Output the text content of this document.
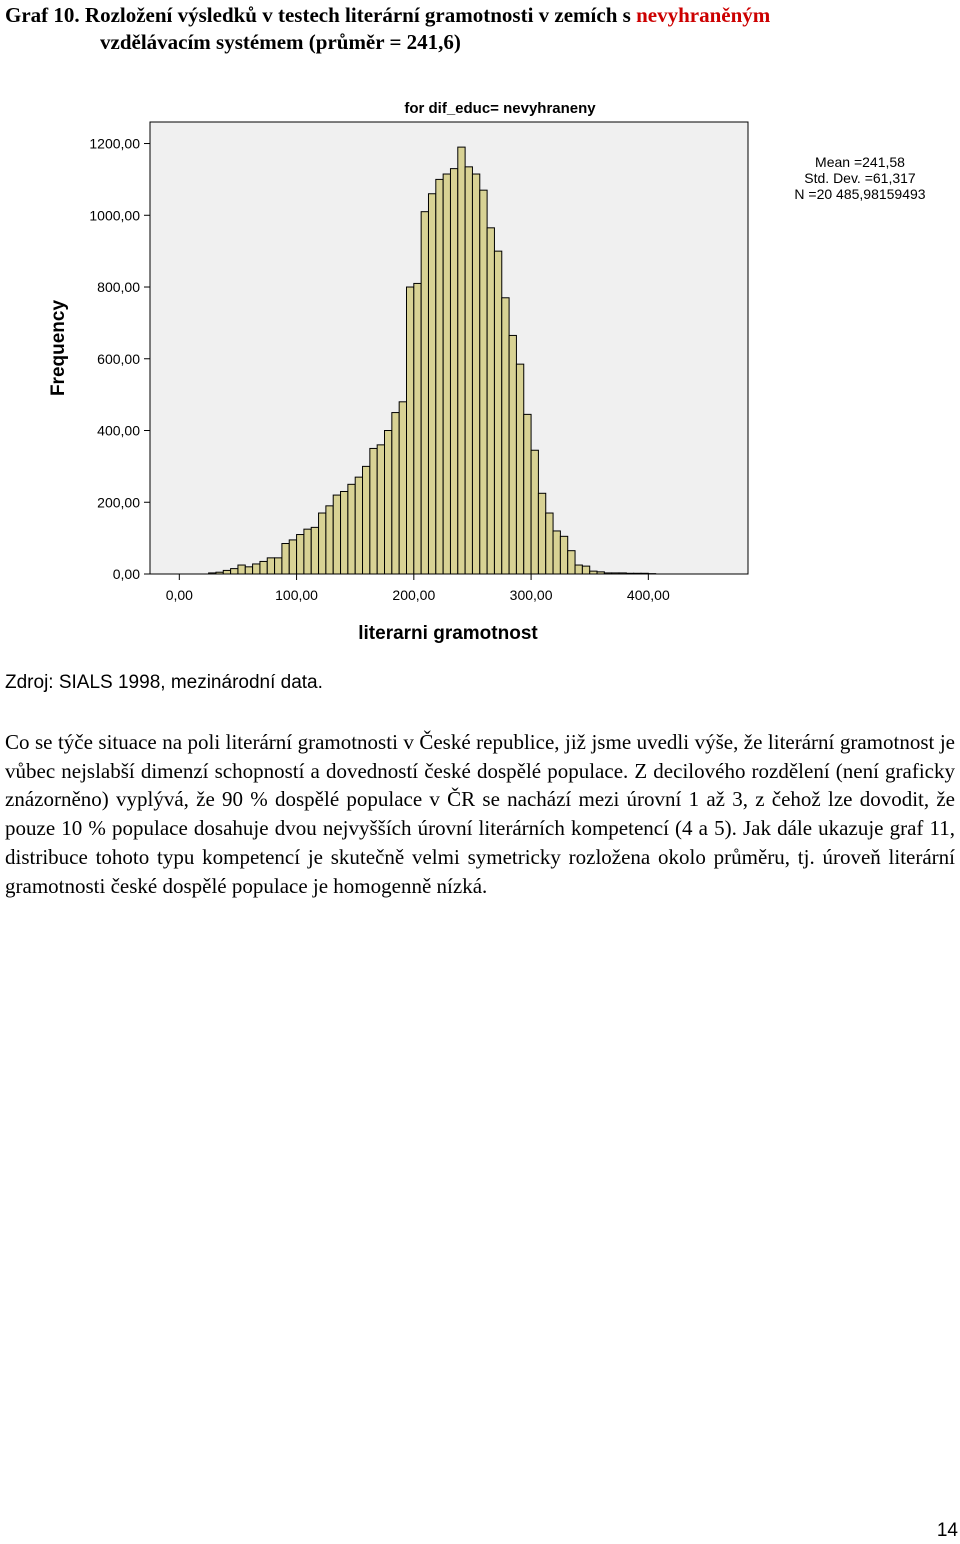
Graf 10. Rozložení výsledků v testech literární gramotnosti v zemích s nevyhraněným
vzdělávacím systémem (průměr = 241,6)
for dif_educ= nevyhraneny
0,00	100,00	200,00	300,00	400,00
0,00
200,00
400,00
600,00
800,00
1000,00
1200,00
Frequency
literarni gramotnost
Mean =241,58
Std. Dev. =61,317
N =20 485,98159493
Zdroj: SIALS 1998, mezinárodní data.

Co se týče situace na poli literární gramotnosti v České republice, již jsme uvedli výše, že literární gramotnost je vůbec nejslabší dimenzí schopností a dovedností české dospělé populace. Z decilového rozdělení (není graficky znázorněno) vyplývá, že 90 % dospělé populace v ČR se nachází mezi úrovní 1 až 3, z čehož lze dovodit, že pouze 10 % populace dosahuje dvou nejvyšších úrovní literárních kompetencí (4 a 5). Jak dále ukazuje graf 11, distribuce tohoto typu kompetencí je skutečně velmi symetricky rozložena okolo průměru, tj. úroveň literární gramotnosti české dospělé populace je homogenně nízká.

14
